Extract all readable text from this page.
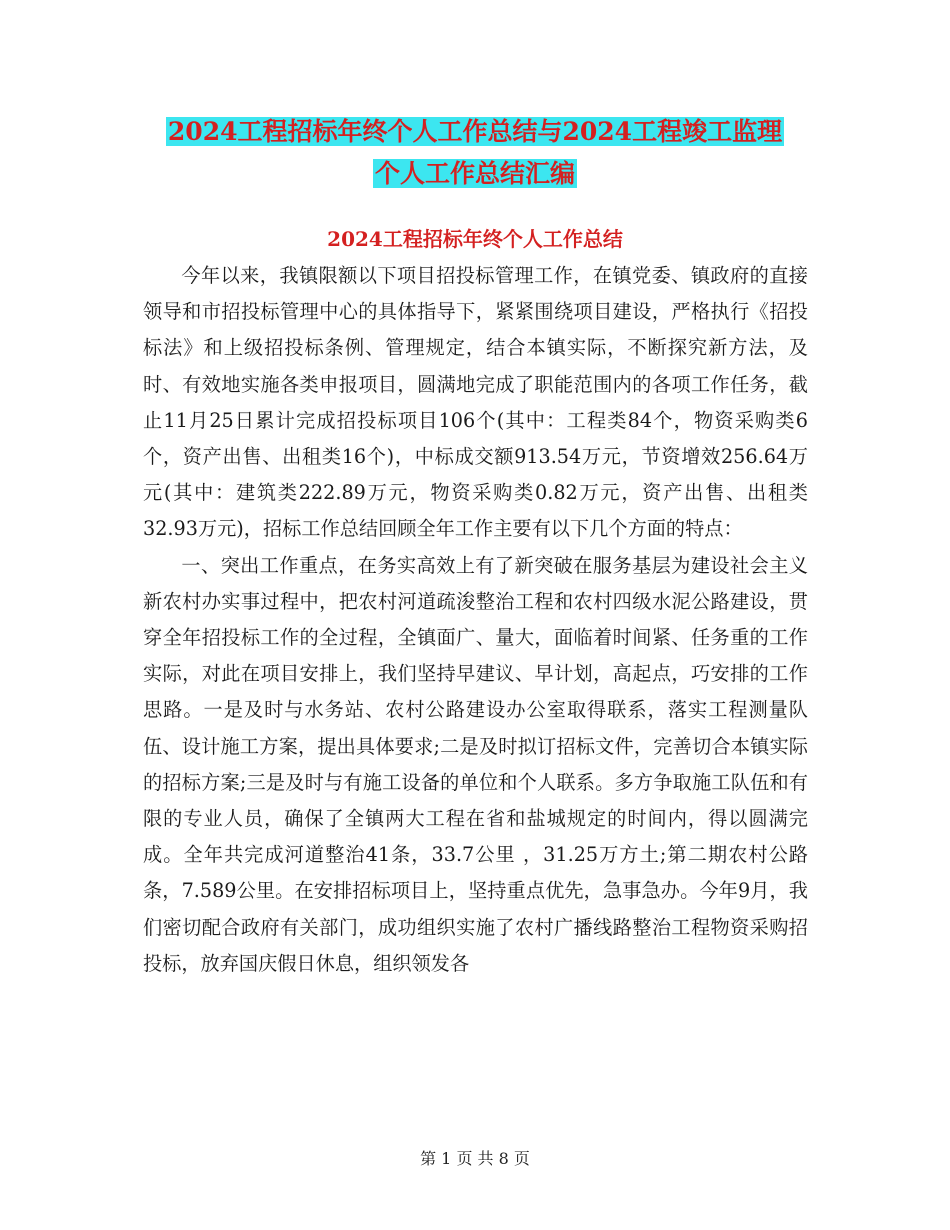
2024工程招标年终个人工作总结与2024工程竣工监理
个人工作总结汇编
2024工程招标年终个人工作总结

今年以来，我镇限额以下项目招投标管理工作，在镇党委、镇政府的直接领导和市招投标管理中心的具体指导下，紧紧围绕项目建设，严格执行《招投标法》和上级招投标条例、管理规定，结合本镇实际，不断探究新方法，及时、有效地实施各类申报项目，圆满地完成了职能范围内的各项工作任务，截止11月25日累计完成招投标项目106个(其中：工程类84个，物资采购类6个，资产出售、出租类16个)，中标成交额913.54万元，节资增效256.64万元(其中：建筑类222.89万元，物资采购类0.82万元，资产出售、出租类32.93万元)，招标工作总结回顾全年工作主要有以下几个方面的特点：

一、突出工作重点，在务实高效上有了新突破在服务基层为建设社会主义新农村办实事过程中，把农村河道疏浚整治工程和农村四级水泥公路建设，贯穿全年招投标工作的全过程，全镇面广、量大，面临着时间紧、任务重的工作实际，对此在项目安排上，我们坚持早建议、早计划，高起点，巧安排的工作思路。一是及时与水务站、农村公路建设办公室取得联系，落实工程测量队伍、设计施工方案，提出具体要求;二是及时拟订招标文件，完善切合本镇实际的招标方案;三是及时与有施工设备的单位和个人联系。多方争取施工队伍和有限的专业人员，确保了全镇两大工程在省和盐城规定的时间内，得以圆满完成。全年共完成河道整治41条，33.7公里 ，31.25万方土;第二期农村公路 条，7.589公里。在安排招标项目上，坚持重点优先，急事急办。今年9月，我们密切配合政府有关部门，成功组织实施了农村广播线路整治工程物资采购招投标，放弃国庆假日休息，组织领发各

第 1 页 共 8 页
